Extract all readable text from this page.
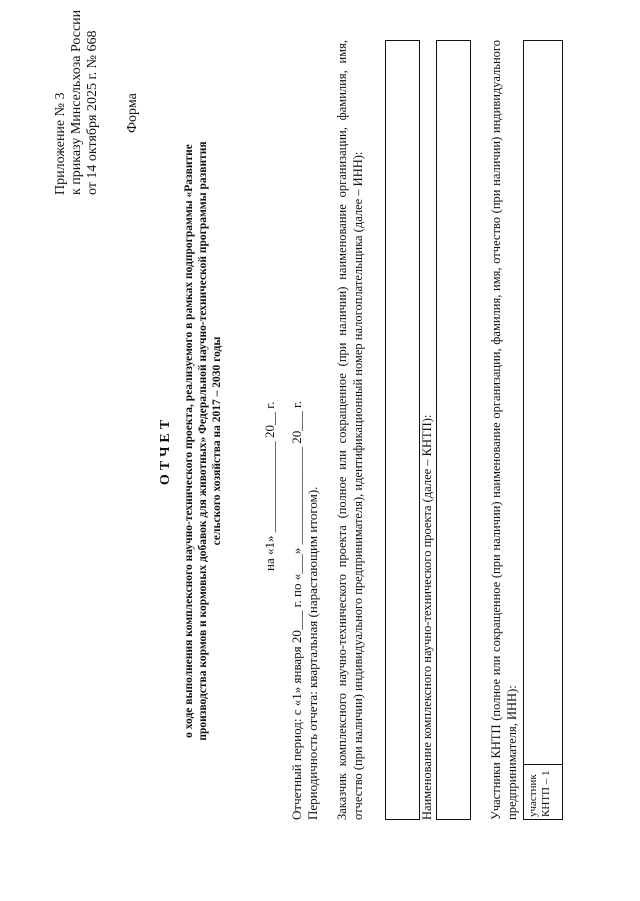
Приложение № 3 к приказу Минсельхоза России от 14 октября 2025 г. № 668 Форма
ОТЧЕТ о ходе выполнения комплексного научно-технического проекта, реализуемого в рамках подпрограммы «Развитие производства кормов и кормовых добавок для животных» Федеральной научно-технической программы развития сельского хозяйства на 2017 – 2030 годы	на «1» ______________ 20__ г. Отчетный период: с «1» января 20___ г. по «___» _______________ 20___ г. Периодичность отчета: квартальная (нарастающим итогом). Заказчик комплексного научно-технического проекта (полное или сокращенное (при наличии) наименование организации, фамилия, имя, отчество (при наличии) индивидуального предпринимателя), идентификационный номер налогоплательщика (далее – ИНН):	Наименование комплексного научно-технического проекта (далее – КНТП):	Участники КНТП (полное или сокращенное (при наличии) наименование организации, фамилия, имя, отчество (при наличии) индивидуального предпринимателя, ИНН): участник КНТП – 1
